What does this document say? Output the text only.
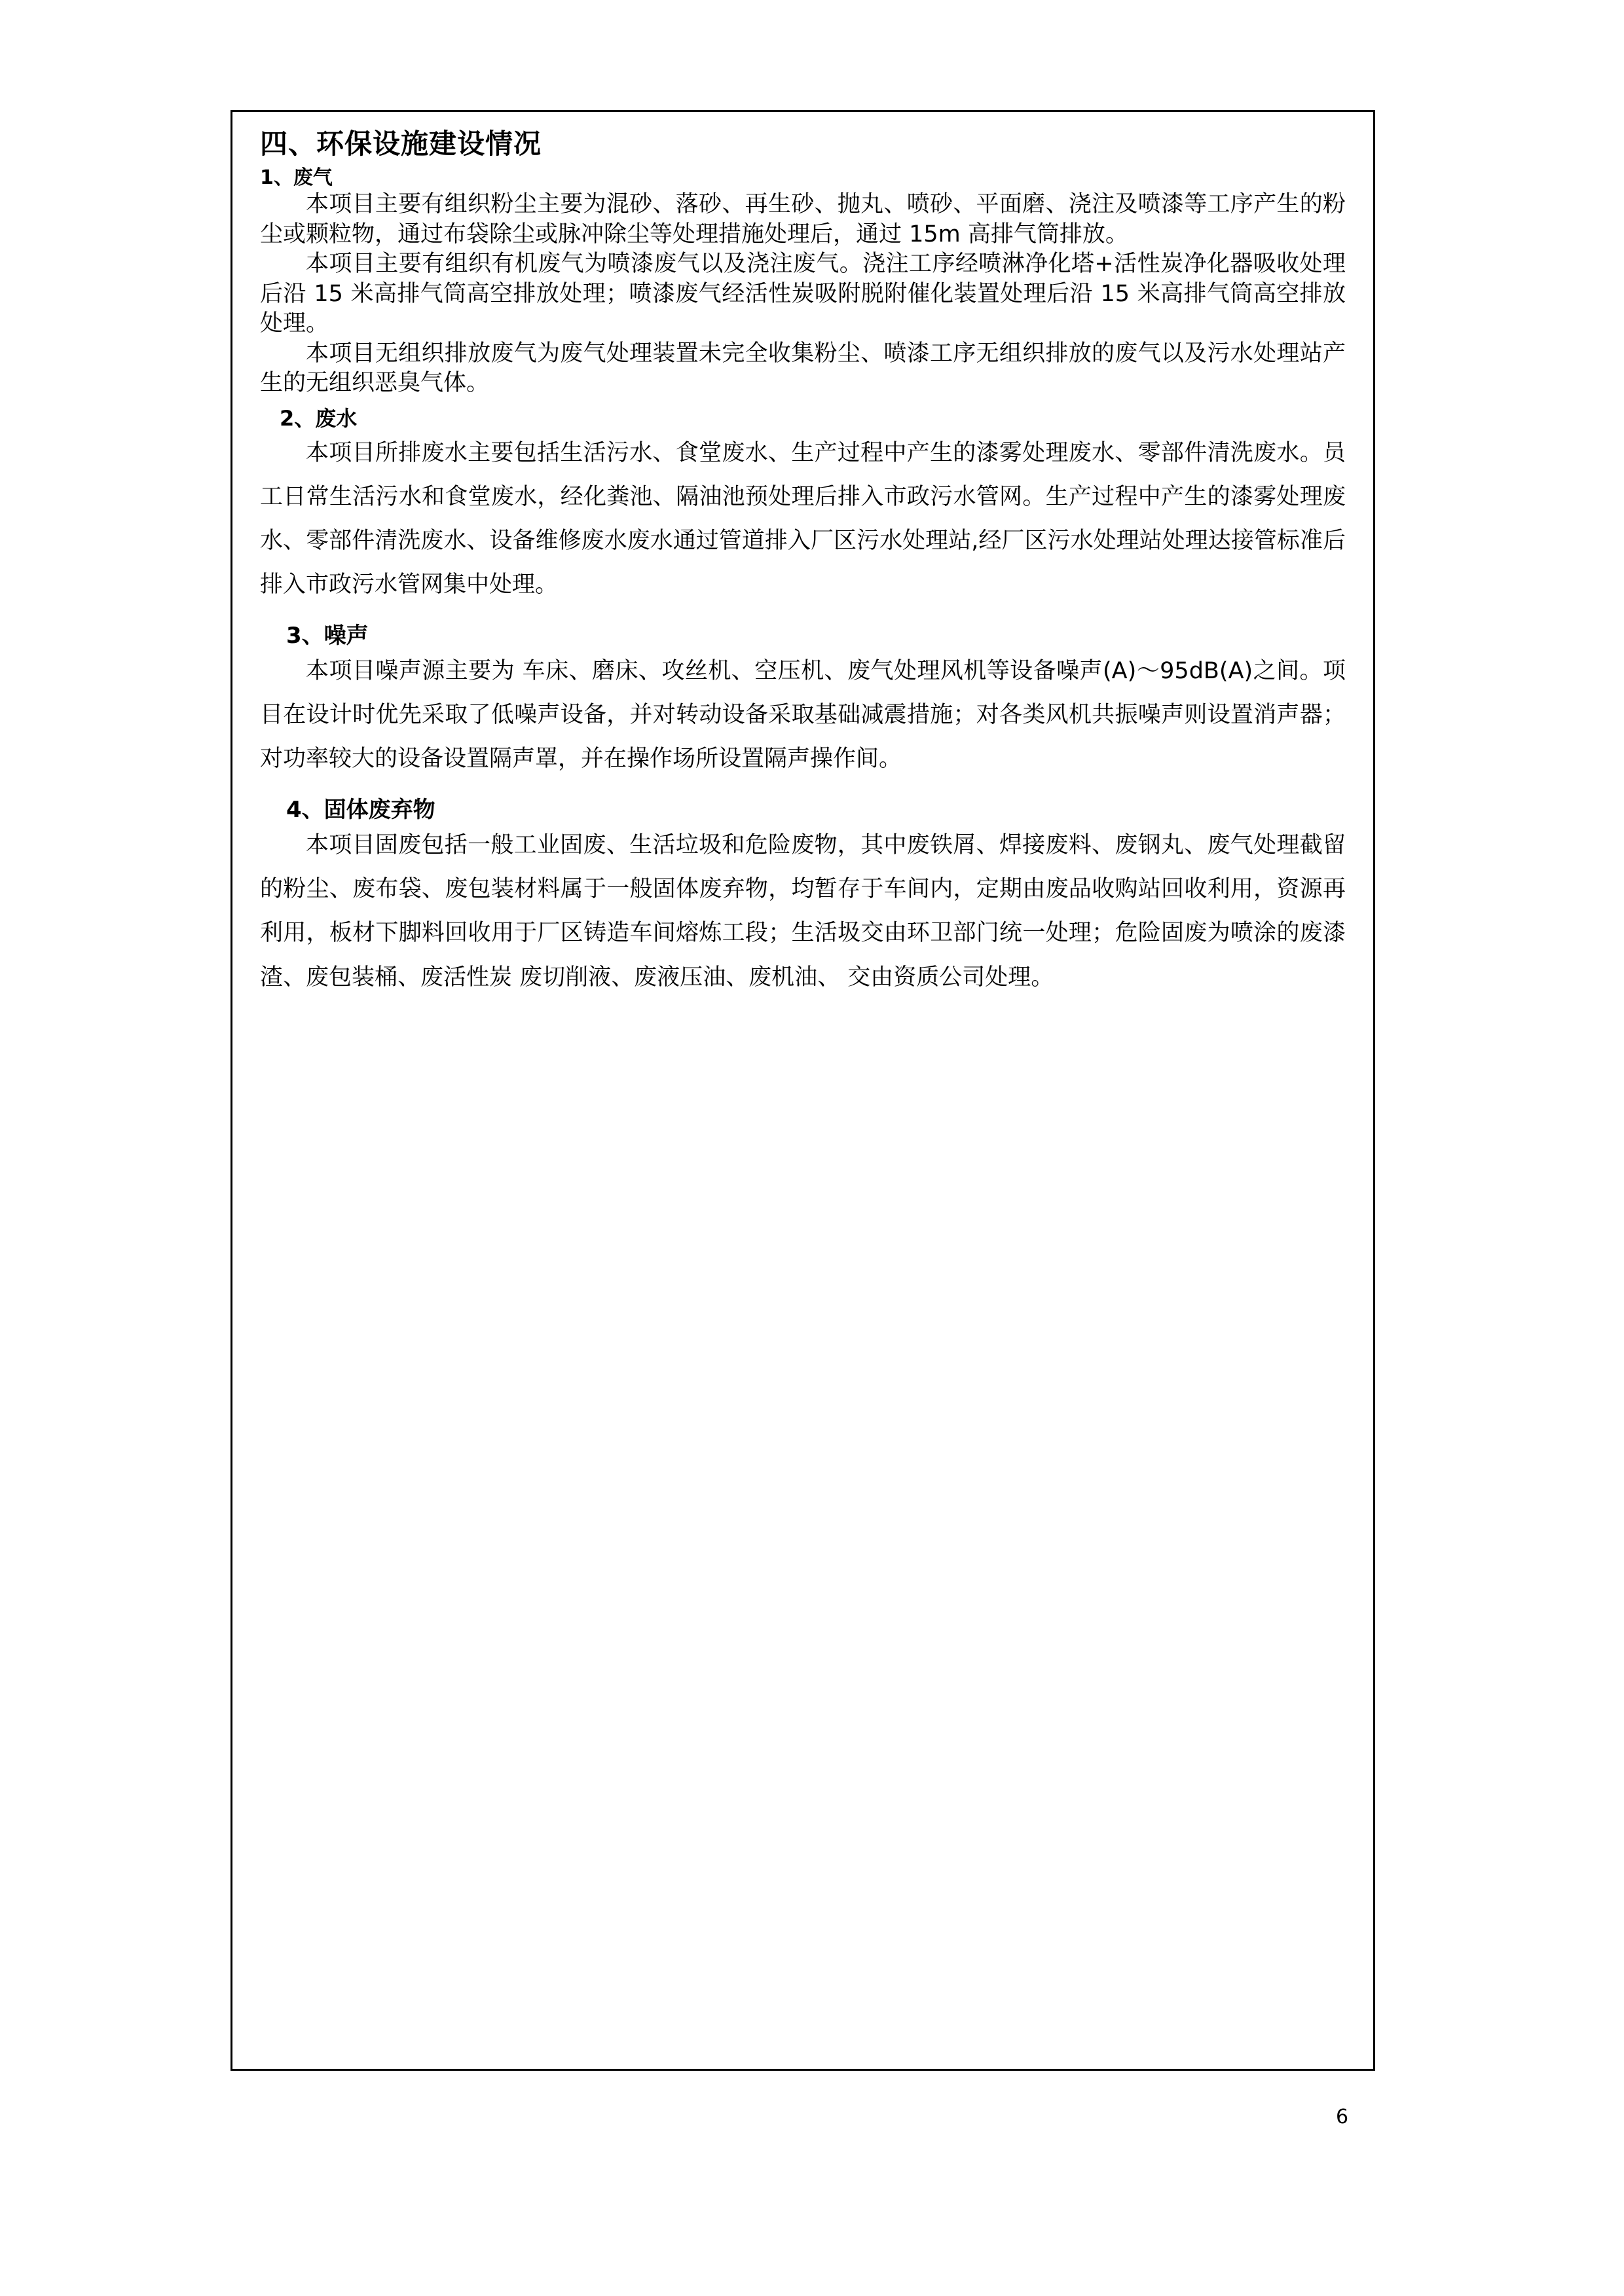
四、环保设施建设情况
1、废气

本项目主要有组织粉尘主要为混砂、落砂、再生砂、抛丸、喷砂、平面磨、浇注及喷漆等工序产生的粉尘或颗粒物，通过布袋除尘或脉冲除尘等处理措施处理后，通过 15m 高排气筒排放。

本项目主要有组织有机废气为喷漆废气以及浇注废气。浇注工序经喷淋净化塔+活性炭净化器吸收处理后沿 15 米高排气筒高空排放处理；喷漆废气经活性炭吸附脱附催化装置处理后沿 15 米高排气筒高空排放处理。

本项目无组织排放废气为废气处理装置未完全收集粉尘、喷漆工序无组织排放的废气以及污水处理站产生的无组织恶臭气体。

2、废水

本项目所排废水主要包括生活污水、食堂废水、生产过程中产生的漆雾处理废水、零部件清洗废水。员工日常生活污水和食堂废水，经化粪池、隔油池预处理后排入市政污水管网。生产过程中产生的漆雾处理废水、零部件清洗废水、设备维修废水废水通过管道排入厂区污水处理站,经厂区污水处理站处理达接管标准后排入市政污水管网集中处理。

3、噪声

本项目噪声源主要为 车床、磨床、攻丝机、空压机、废气处理风机等设备噪声(A)～95dB(A)之间。项目在设计时优先采取了低噪声设备，并对转动设备采取基础减震措施；对各类风机共振噪声则设置消声器；对功率较大的设备设置隔声罩，并在操作场所设置隔声操作间。

4、固体废弃物

本项目固废包括一般工业固废、生活垃圾和危险废物，其中废铁屑、焊接废料、废钢丸、废气处理截留的粉尘、废布袋、废包装材料属于一般固体废弃物，均暂存于车间内，定期由废品收购站回收利用，资源再利用，板材下脚料回收用于厂区铸造车间熔炼工段；生活圾交由环卫部门统一处理；危险固废为喷涂的废漆渣、废包装桶、废活性炭 废切削液、废液压油、废机油、 交由资质公司处理。

6
